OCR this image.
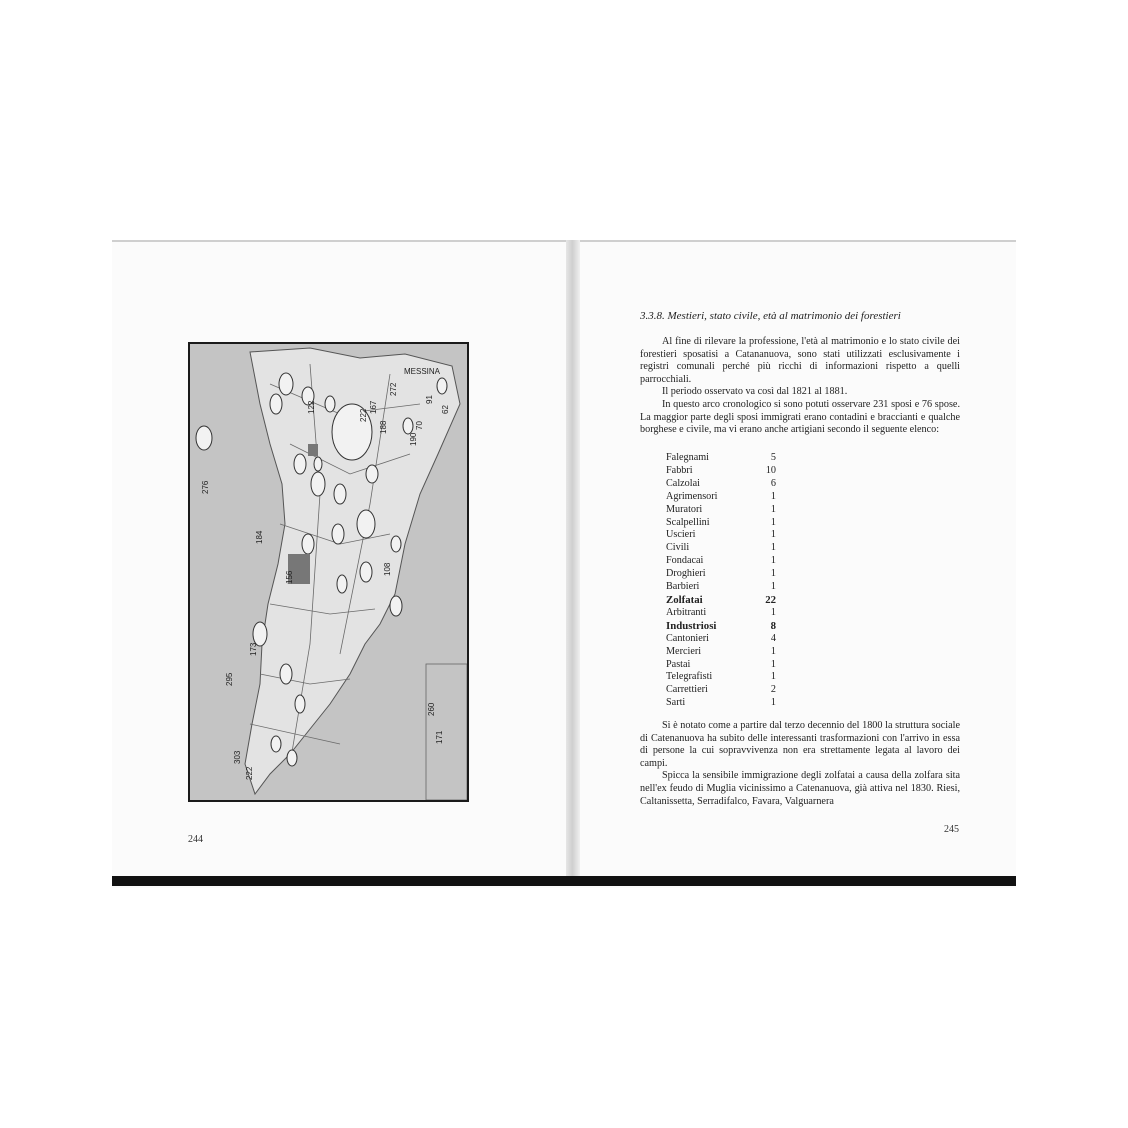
276
184
156
173
295
303
222
122	167
222
188
272
108
190
70
91
62
MESSINA
260
171
244
3.3.8. Mestieri, stato civile, età al matrimonio dei forestieri

Al fine di rilevare la professione, l'età al matrimonio e lo stato civile dei forestieri sposatisi a Catananuova, sono stati utilizzati esclusivamente i registri comunali perché più ricchi di informazioni rispetto a quelli parrocchiali.

Il periodo osservato va così dal 1821 al 1881.

In questo arco cronologico si sono potuti osservare 231 sposi e 76 spose. La maggior parte degli sposi immigrati erano contadini e braccianti e qualche borghese e civile, ma vi erano anche artigiani secondo il seguente elenco:

Falegnami	5
Fabbri	10
Calzolai	6
Agrimensori	1
Muratori	1
Scalpellini	1
Uscieri	1
Civili	1
Fondacai	1
Droghieri	1
Barbieri	1
Zolfatai	22
Arbitranti	1
Industriosi	8
Cantonieri	4
Mercieri	1
Pastai	1
Telegrafisti	1
Carrettieri	2
Sarti	1

Si è notato come a partire dal terzo decennio del 1800 la struttura sociale di Catenanuova ha subito delle interessanti trasformazioni con l'arrivo in essa di persone la cui sopravvivenza non era strettamente legata al lavoro dei campi.

Spicca la sensibile immigrazione degli zolfatai a causa della zolfara sita nell'ex feudo di Muglia vicinissimo a Catenanuova, già attiva nel 1830. Riesi, Caltanissetta, Serradifalco, Favara, Valguarnera

245
